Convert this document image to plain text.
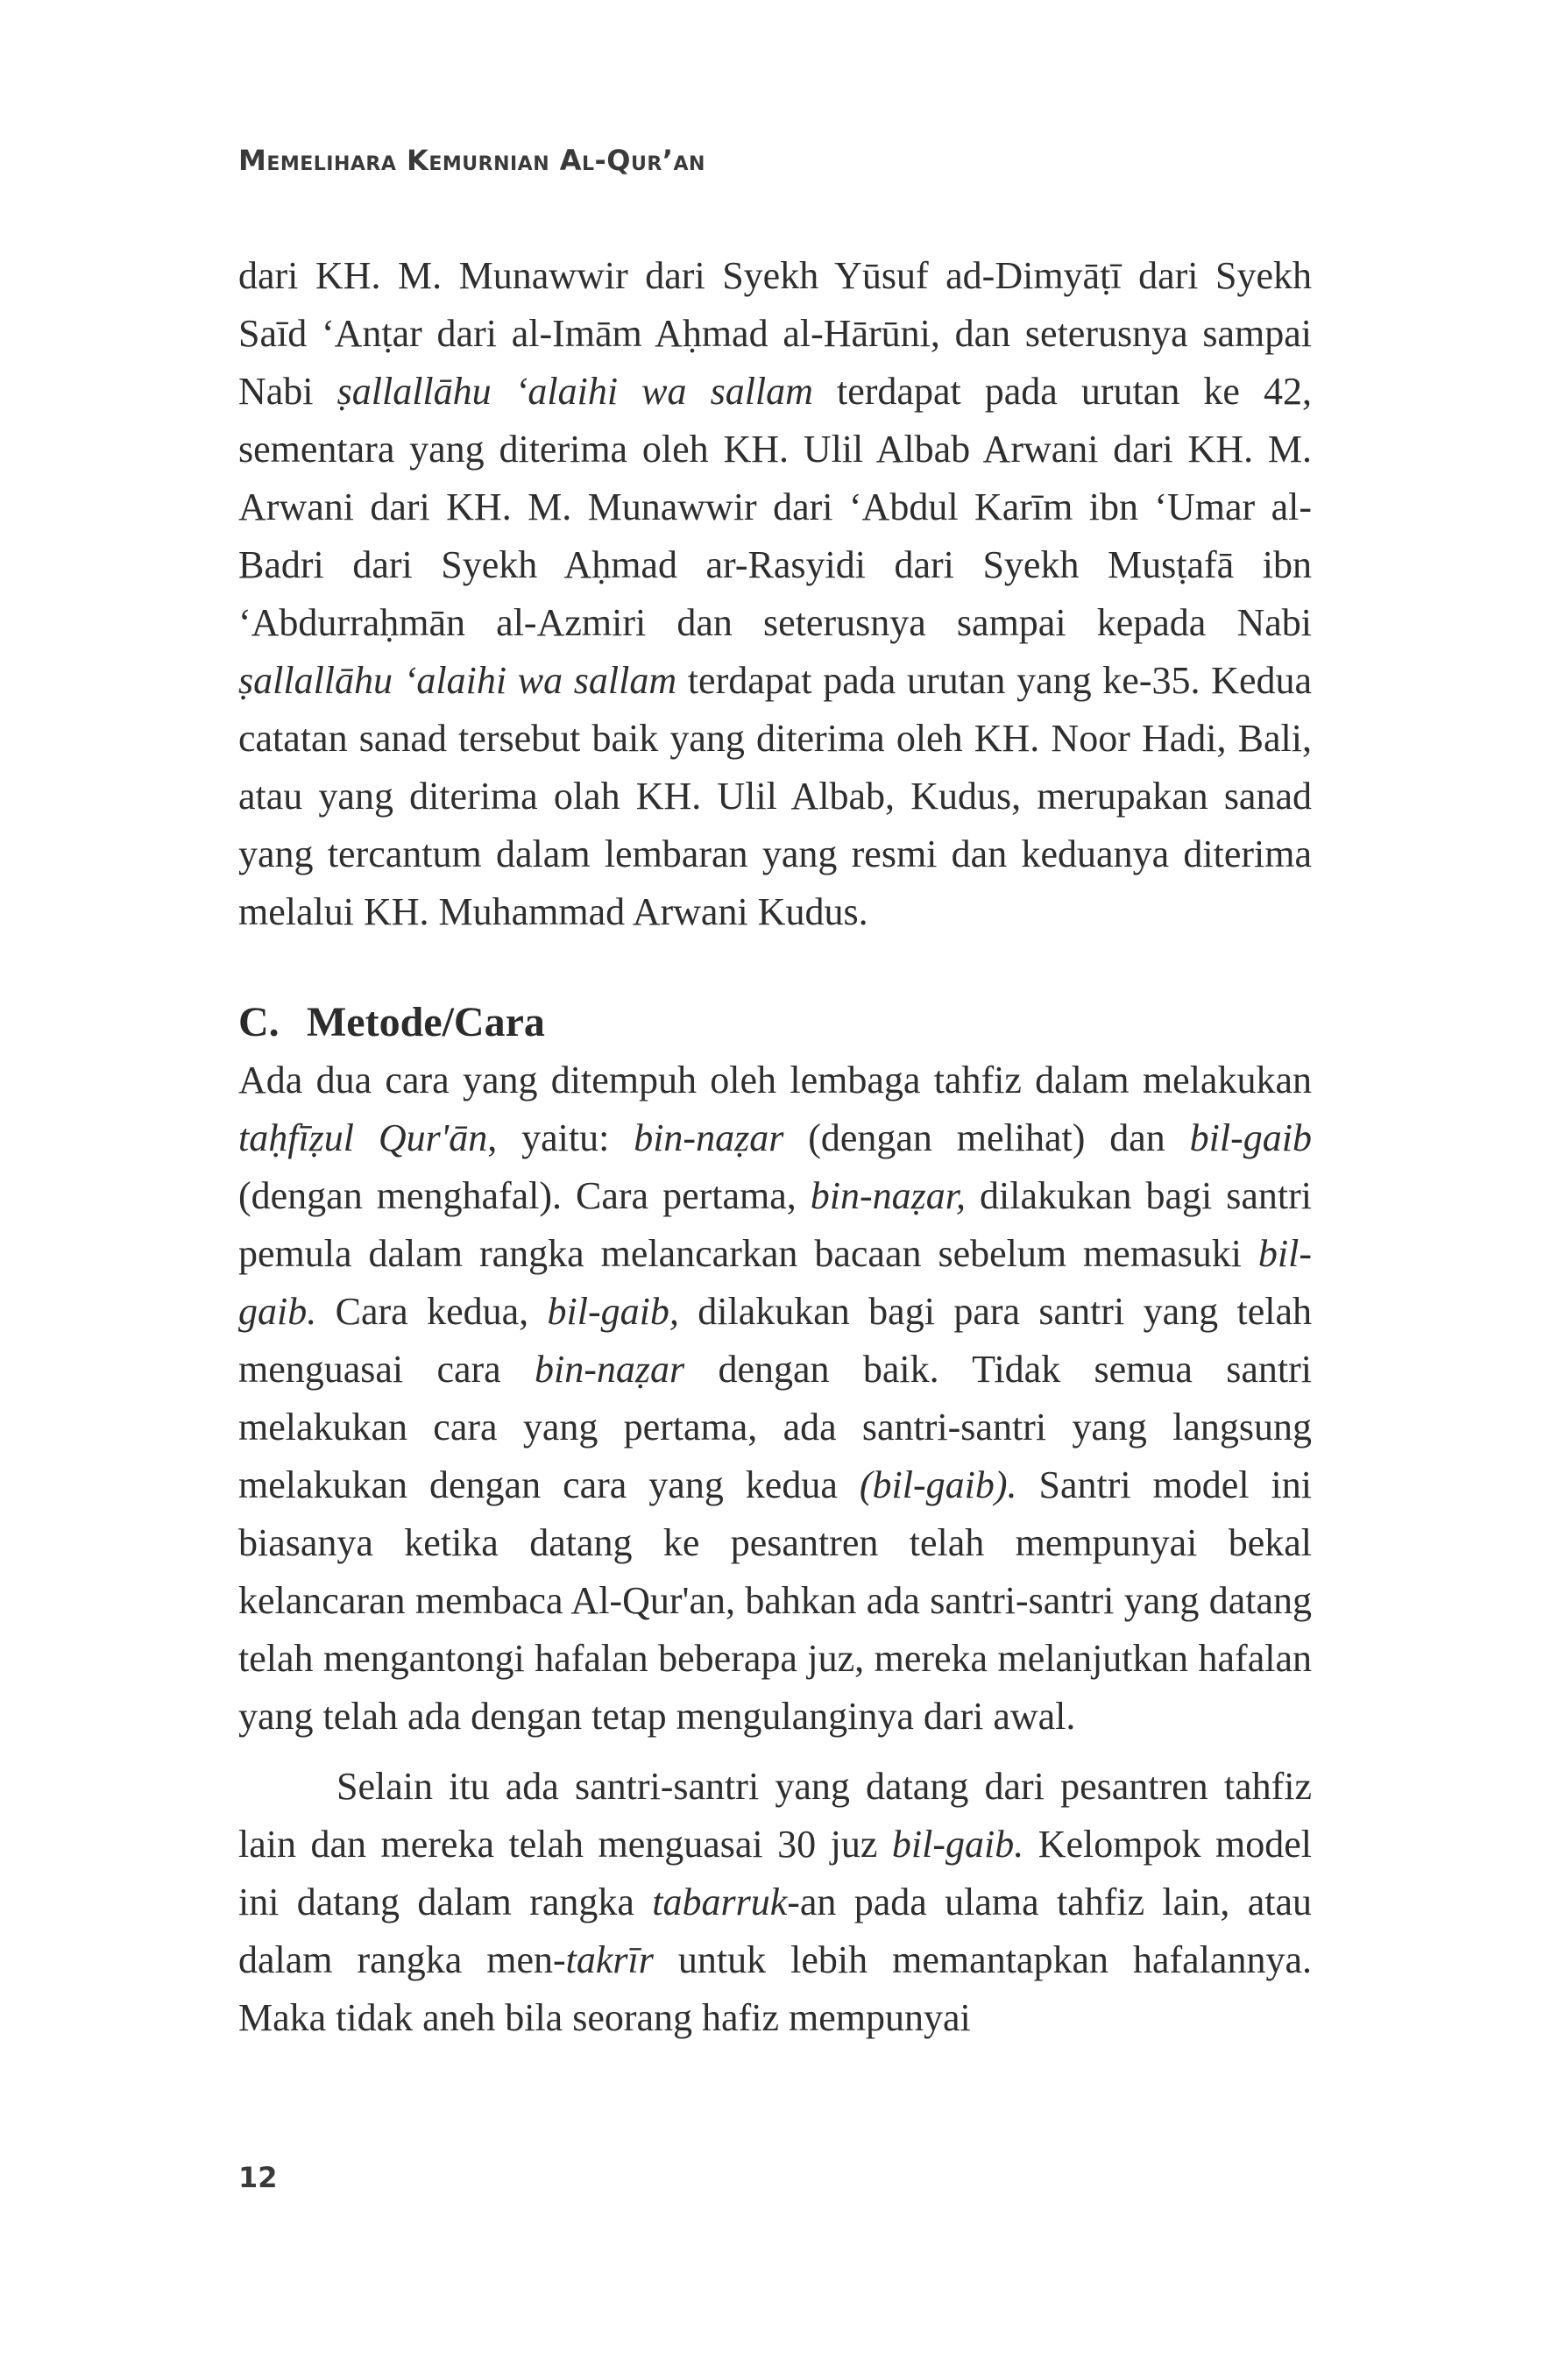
Memelihara Kemurnian Al-Qur’an

dari KH. M. Munawwir dari Syekh Yūsuf ad-Dimyāṭī dari Syekh Saīd ‘Anṭar dari al-Imām Aḥmad al-Hārūni, dan seterusnya sampai Nabi ṣallallāhu ‘alaihi wa sallam terdapat pada urutan ke 42, sementara yang diterima oleh KH. Ulil Albab Arwani dari KH. M. Arwani dari KH. M. Munawwir dari ‘Abdul Karīm ibn ‘Umar al-Badri dari Syekh Aḥmad ar-Rasyidi dari Syekh Musṭafā ibn ‘Abdurraḥmān al-Azmiri dan seterusnya sampai kepada Nabi ṣallallāhu ‘alaihi wa sallam terdapat pada urutan yang ke-35. Kedua catatan sanad tersebut baik yang diterima oleh KH. Noor Hadi, Bali, atau yang diterima olah KH. Ulil Albab, Kudus, merupakan sanad yang tercantum dalam lembaran yang resmi dan keduanya diterima melalui KH. Muhammad Arwani Kudus.

C. Metode/Cara

Ada dua cara yang ditempuh oleh lembaga tahfiz dalam melakukan taḥfīẓul Qur'ān, yaitu: bin-naẓar (dengan melihat) dan bil-gaib (dengan menghafal). Cara pertama, bin-naẓar, dilakukan bagi santri pemula dalam rangka melancarkan bacaan sebelum memasuki bil-gaib. Cara kedua, bil-gaib, dilakukan bagi para santri yang telah menguasai cara bin-naẓar dengan baik. Tidak semua santri melakukan cara yang pertama, ada santri-santri yang langsung melakukan dengan cara yang kedua (bil-gaib). Santri model ini biasanya ketika datang ke pesantren telah mempunyai bekal kelancaran membaca Al-Qur'an, bahkan ada santri-santri yang datang telah mengantongi hafalan beberapa juz, mereka melanjutkan hafalan yang telah ada dengan tetap mengulanginya dari awal.

Selain itu ada santri-santri yang datang dari pesantren tahfiz lain dan mereka telah menguasai 30 juz bil-gaib. Kelompok model ini datang dalam rangka tabarruk-an pada ulama tahfiz lain, atau dalam rangka men-takrīr untuk lebih memantapkan hafalannya. Maka tidak aneh bila seorang hafiz mempunyai

12
